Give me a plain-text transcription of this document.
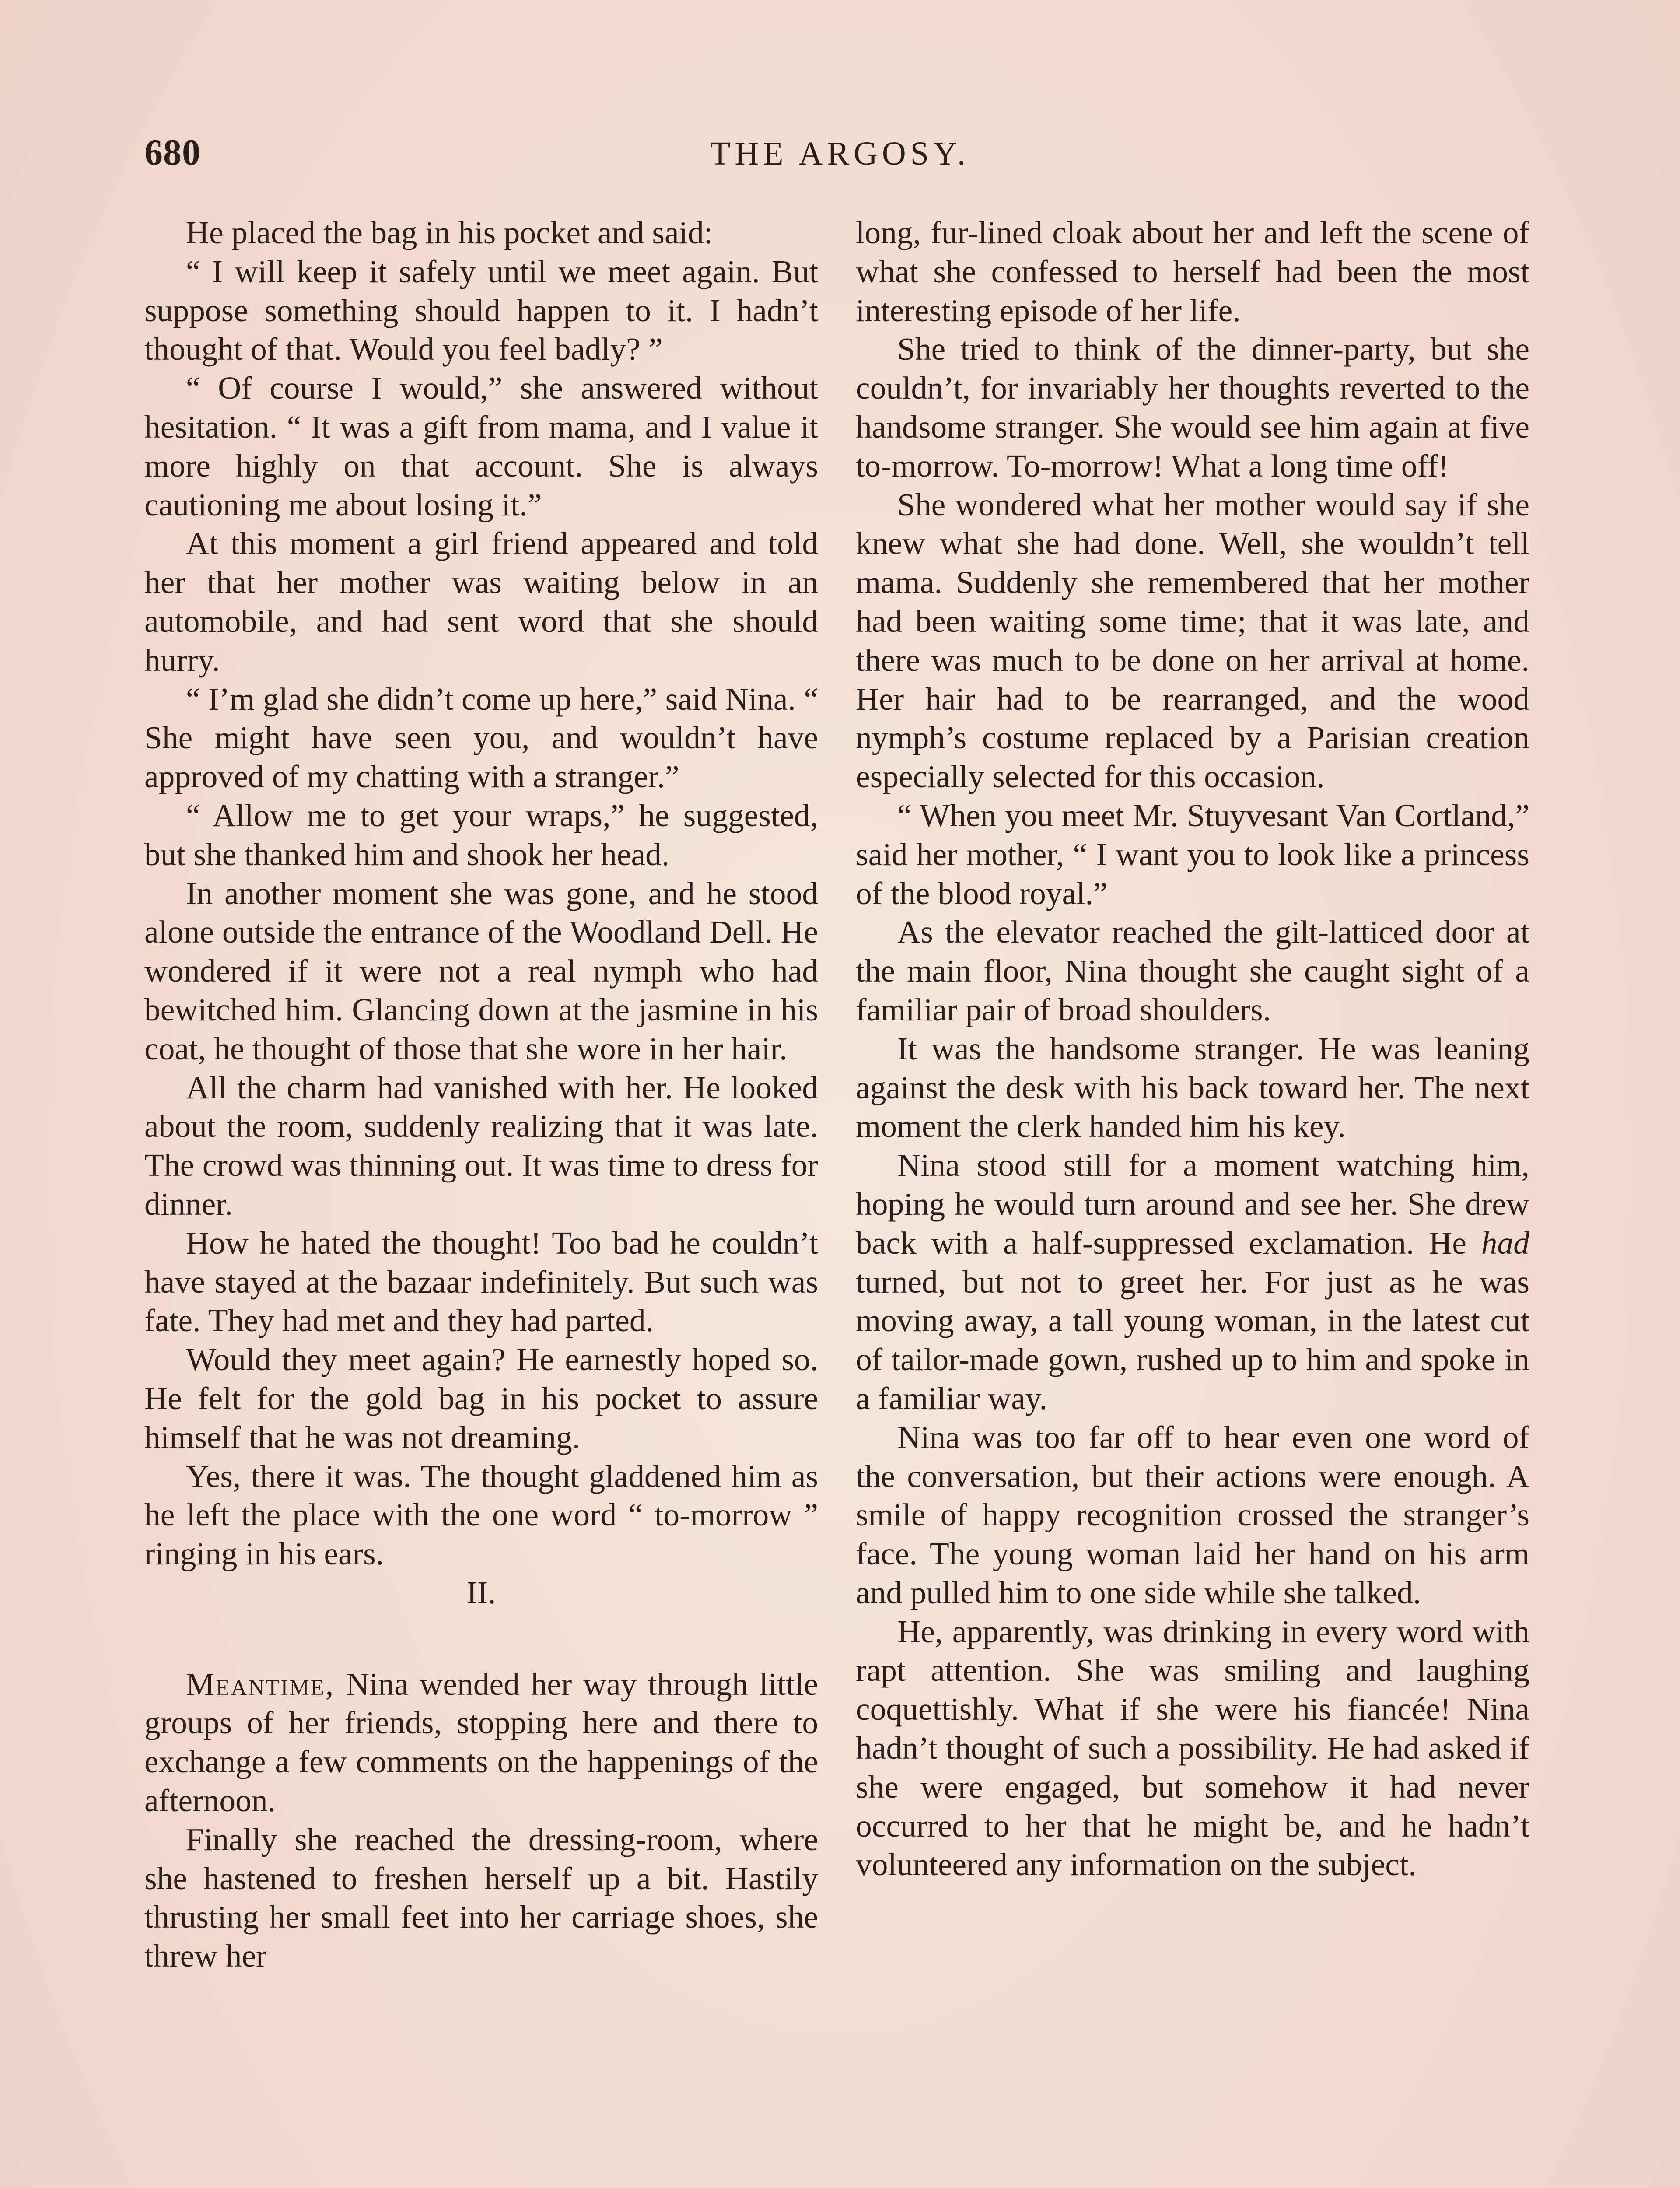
680	THE ARGOSY.

He placed the bag in his pocket and said:

“ I will keep it safely until we meet again. But suppose something should happen to it. I hadn’t thought of that. Would you feel badly? ”

“ Of course I would,” she answered without hesitation. “ It was a gift from mama, and I value it more highly on that account. She is always cautioning me about losing it.”

At this moment a girl friend appeared and told her that her mother was waiting below in an automobile, and had sent word that she should hurry.

“ I’m glad she didn’t come up here,” said Nina. “ She might have seen you, and wouldn’t have approved of my chatting with a stranger.”

“ Allow me to get your wraps,” he suggested, but she thanked him and shook her head.

In another moment she was gone, and he stood alone outside the entrance of the Woodland Dell. He wondered if it were not a real nymph who had bewitched him. Glancing down at the jasmine in his coat, he thought of those that she wore in her hair.

All the charm had vanished with her. He looked about the room, suddenly realizing that it was late. The crowd was thinning out. It was time to dress for dinner.

How he hated the thought! Too bad he couldn’t have stayed at the bazaar indefinitely. But such was fate. They had met and they had parted.

Would they meet again? He earnestly hoped so. He felt for the gold bag in his pocket to assure himself that he was not dreaming.

Yes, there it was. The thought gladdened him as he left the place with the one word “ to-morrow ” ringing in his ears.

II.

Meantime, Nina wended her way through little groups of her friends, stopping here and there to exchange a few comments on the happenings of the afternoon.

Finally she reached the dressing-room, where she hastened to freshen herself up a bit. Hastily thrusting her small feet into her carriage shoes, she threw her

long, fur-lined cloak about her and left the scene of what she confessed to herself had been the most interesting episode of her life.

She tried to think of the dinner-party, but she couldn’t, for invariably her thoughts reverted to the handsome stranger. She would see him again at five to-morrow. To-morrow! What a long time off!

She wondered what her mother would say if she knew what she had done. Well, she wouldn’t tell mama. Suddenly she remembered that her mother had been waiting some time; that it was late, and there was much to be done on her arrival at home. Her hair had to be rearranged, and the wood nymph’s costume replaced by a Parisian creation especially selected for this occasion.

“ When you meet Mr. Stuyvesant Van Cortland,” said her mother, “ I want you to look like a princess of the blood royal.”

As the elevator reached the gilt-latticed door at the main floor, Nina thought she caught sight of a familiar pair of broad shoulders.

It was the handsome stranger. He was leaning against the desk with his back toward her. The next moment the clerk handed him his key.

Nina stood still for a moment watching him, hoping he would turn around and see her. She drew back with a half-suppressed exclamation. He had turned, but not to greet her. For just as he was moving away, a tall young woman, in the latest cut of tailor-made gown, rushed up to him and spoke in a familiar way.

Nina was too far off to hear even one word of the conversation, but their actions were enough. A smile of happy recognition crossed the stranger’s face. The young woman laid her hand on his arm and pulled him to one side while she talked.

He, apparently, was drinking in every word with rapt attention. She was smiling and laughing coquettishly. What if she were his fiancée! Nina hadn’t thought of such a possibility. He had asked if she were engaged, but somehow it had never occurred to her that he might be, and he hadn’t volunteered any information on the subject.
